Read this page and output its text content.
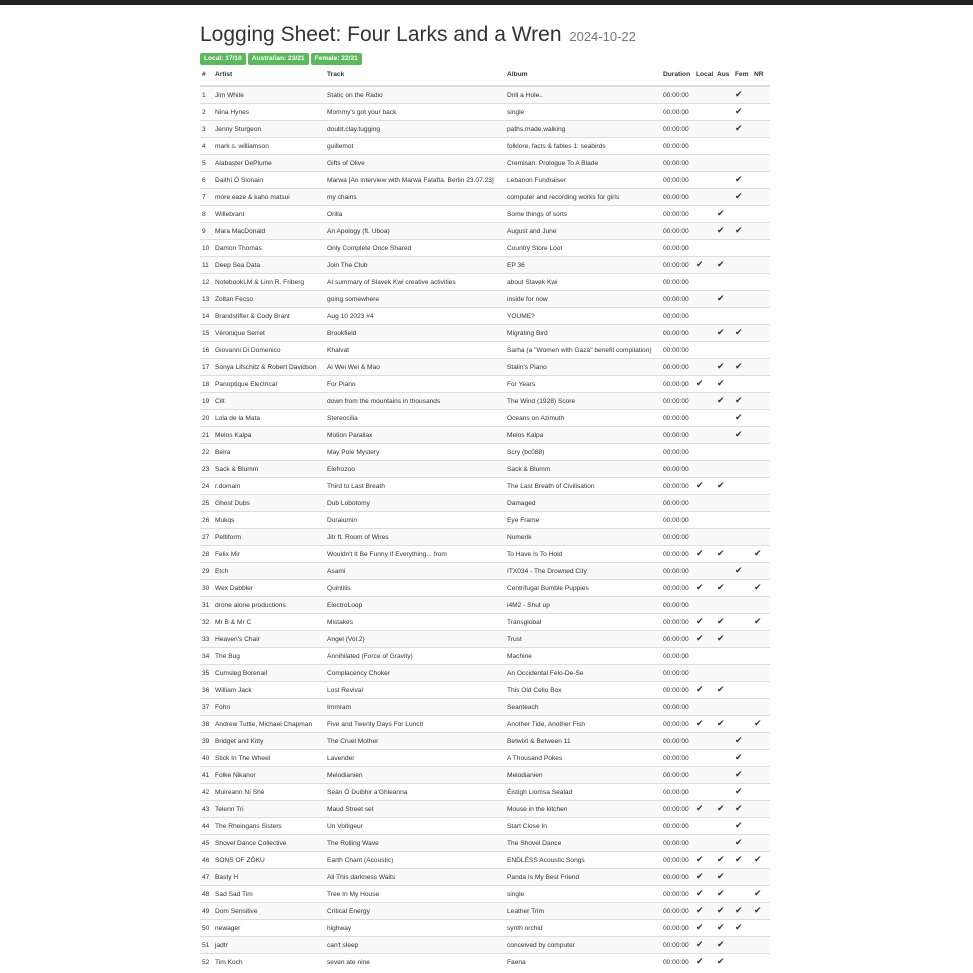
Logging Sheet: Four Larks and a Wren 2024-10-22
Local: 17/10 Australian: 23/21 Female: 22/21
#	Artist	Track	Album	Duration	Local	Aus	Fem	NR
1	Jim White	Static on the Radio	Drill a Hole..	00:00:00			✔	
2	Nina Hynes	Mommy's got your back	single	00:00:00			✔	
3	Jenny Sturgeon	doubt.clay.tugging	paths.made.walking	00:00:00			✔	
4	mark s. williamson	guillemot	folklore, facts & fables 1: seabirds	00:00:00				
5	Alabaster DePlume	Gifts of Olive	Cremisan: Prologue To A Blade	00:00:00				
6	Daithí Ó Sionain	Marwa [An interview with Marwa Fatafta. Berlin 23.07.23]	Lebanon Fundraiser	00:00:00			✔	
7	more eaze & kaho matsui	my chains	computer and recording works for girls	00:00:00			✔	
8	Willebrant	Orilla	Some things of sorts	00:00:00		✔		
9	Mara MacDonald	An Apology (ft. Uboa)	August and June	00:00:00		✔	✔	
10	Damon Thomas	Only Complete Once Shared	Country Store Loot	00:00:00				
11	Deep Sea Data	Join The Club	EP 36	00:00:00	✔	✔		
12	NotebookLM & Linn R. Friberg	AI summary of Slavek Kwi creative activities	about Slavek Kwi	00:00:00				
13	Zoltan Fecso	going somewhere	inside for now	00:00:00		✔		
14	Brandstifter & Cody Brant	Aug 10 2023 #4	YOUME?	00:00:00				
15	Véronique Serret	Brookfield	Migrating Bird	00:00:00		✔	✔	
16	Giovanni Di Domenico	Khalvat	Sarha (a "Women with Gaza" benefit compilation)	00:00:00				
17	Sonya Lifschitz & Robert Davidson	Ai Wei Wei & Mao	Stalin's Piano	00:00:00		✔	✔	
18	Panoptique Electrical	For Piano	For Years	00:00:00	✔	✔		
19	Cilt	down from the mountains in thousands	The Wind (1928) Score	00:00:00		✔	✔	
20	Lola de la Mata	Stereocilia	Oceans on Azimuth	00:00:00			✔	
21	Melos Kalpa	Motion Parallax	Melos Kalpa	00:00:00			✔	
22	Beira	May Pole Mystery	Scry (bc088)	00:00:00				
23	Sack & Blumm	Elefrozoo	Sack & Blumm	00:00:00				
24	r.domain	Third to Last Breath	The Last Breath of Civilisation	00:00:00	✔	✔		
25	Ghost Dubs	Dub Lobotomy	Damaged	00:00:00				
26	Mukqs	Duraiumin	Eye Frame	00:00:00				
27	Peltiform	Jitr ft. Room of Wires	Numerik	00:00:00				
28	Felix Mir	Wouldn't It Be Funny If Everything... from	To Have Is To Hold	00:00:00	✔	✔		✔
29	Etch	Asami	ITX034 - The Drowned City	00:00:00			✔	
30	Wex Dabbler	Quintilis	Centrifugal Bumble Puppies	00:00:00	✔	✔		✔
31	drone alone productions	ElectroLoop	i4M2 - Shut up	00:00:00				
32	Mr B & Mr C	Mistakes	Transglobal	00:00:00	✔	✔		✔
33	Heaven's Chair	Angel (Vol.2)	Trust	00:00:00	✔	✔		
34	The Bug	Annihilated (Force of Gravity)	Machine	00:00:00				
35	Cumsleg Borenail	Complacency Choker	An Occidental Felo-De-Se	00:00:00				
36	William Jack	Lost Revival	This Old Cello Box	00:00:00	✔	✔		
37	Fohn	Immram	Seanteach	00:00:00				
38	Andrew Tuttle, Michael Chapman	Five and Twenty Days For Lunch	Another Tide, Another Fish	00:00:00	✔	✔		✔
39	Bridget and Kitty	The Cruel Mother	Betwixt & Between 11	00:00:00			✔	
40	Stick In The Wheel	Lavender	A Thousand Pokes	00:00:00			✔	
41	Folke Nikanor	Melodianien	Melodianien	00:00:00			✔	
42	Muireann Ní Shé	Seán Ó Duibhir a'Ghleanna	Éistigh Liomsa Sealad	00:00:00			✔	
43	Telenn Tri	Maud Street set	Mouse in the kitchen	00:00:00	✔	✔	✔	
44	The Rheingans Sisters	Un Voltigeur	Start Close In	00:00:00			✔	
45	Shovel Dance Collective	The Rolling Wave	The Shovel Dance	00:00:00			✔	
46	SONS OF ZÖKU	Earth Chant (Acoustic)	ENDLÉSS Acoustic Songs	00:00:00	✔	✔	✔	✔
47	Basty H	All This darkness Waits	Panda Is My Best Friend	00:00:00	✔	✔		
48	Sad Sad Tim	Tree In My House	single	00:00:00	✔	✔		✔
49	Dom Sensitive	Critical Energy	Leather Trim	00:00:00	✔	✔	✔	✔
50	newager	highway	synth orchid	00:00:00	✔	✔	✔	
51	jadtr	can't sleep	conceived by computer	00:00:00	✔	✔		
52	Tim Koch	seven ate nine	Faena	00:00:00	✔	✔		
